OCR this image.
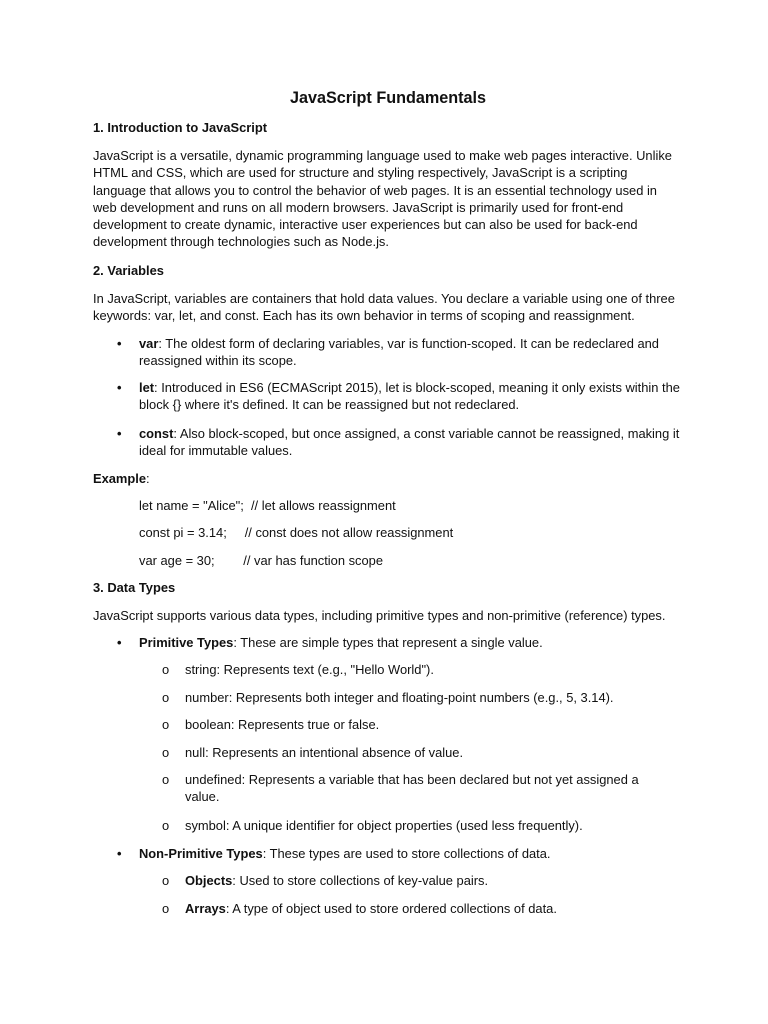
JavaScript Fundamentals
1. Introduction to JavaScript
JavaScript is a versatile, dynamic programming language used to make web pages interactive. Unlike HTML and CSS, which are used for structure and styling respectively, JavaScript is a scripting language that allows you to control the behavior of web pages. It is an essential technology used in web development and runs on all modern browsers. JavaScript is primarily used for front-end development to create dynamic, interactive user experiences but can also be used for back-end development through technologies such as Node.js.
2. Variables
In JavaScript, variables are containers that hold data values. You declare a variable using one of three keywords: var, let, and const. Each has its own behavior in terms of scoping and reassignment.
• var: The oldest form of declaring variables, var is function-scoped. It can be redeclared and reassigned within its scope.
• let: Introduced in ES6 (ECMAScript 2015), let is block-scoped, meaning it only exists within the block {} where it's defined. It can be reassigned but not redeclared.
• const: Also block-scoped, but once assigned, a const variable cannot be reassigned, making it ideal for immutable values.
Example:
let name = "Alice";  // let allows reassignment
const pi = 3.14;     // const does not allow reassignment
var age = 30;        // var has function scope
3. Data Types
JavaScript supports various data types, including primitive types and non-primitive (reference) types.
• Primitive Types: These are simple types that represent a single value.
o string: Represents text (e.g., "Hello World").
o number: Represents both integer and floating-point numbers (e.g., 5, 3.14).
o boolean: Represents true or false.
o null: Represents an intentional absence of value.
o undefined: Represents a variable that has been declared but not yet assigned a value.
o symbol: A unique identifier for object properties (used less frequently).
• Non-Primitive Types: These types are used to store collections of data.
o Objects: Used to store collections of key-value pairs.
o Arrays: A type of object used to store ordered collections of data.
